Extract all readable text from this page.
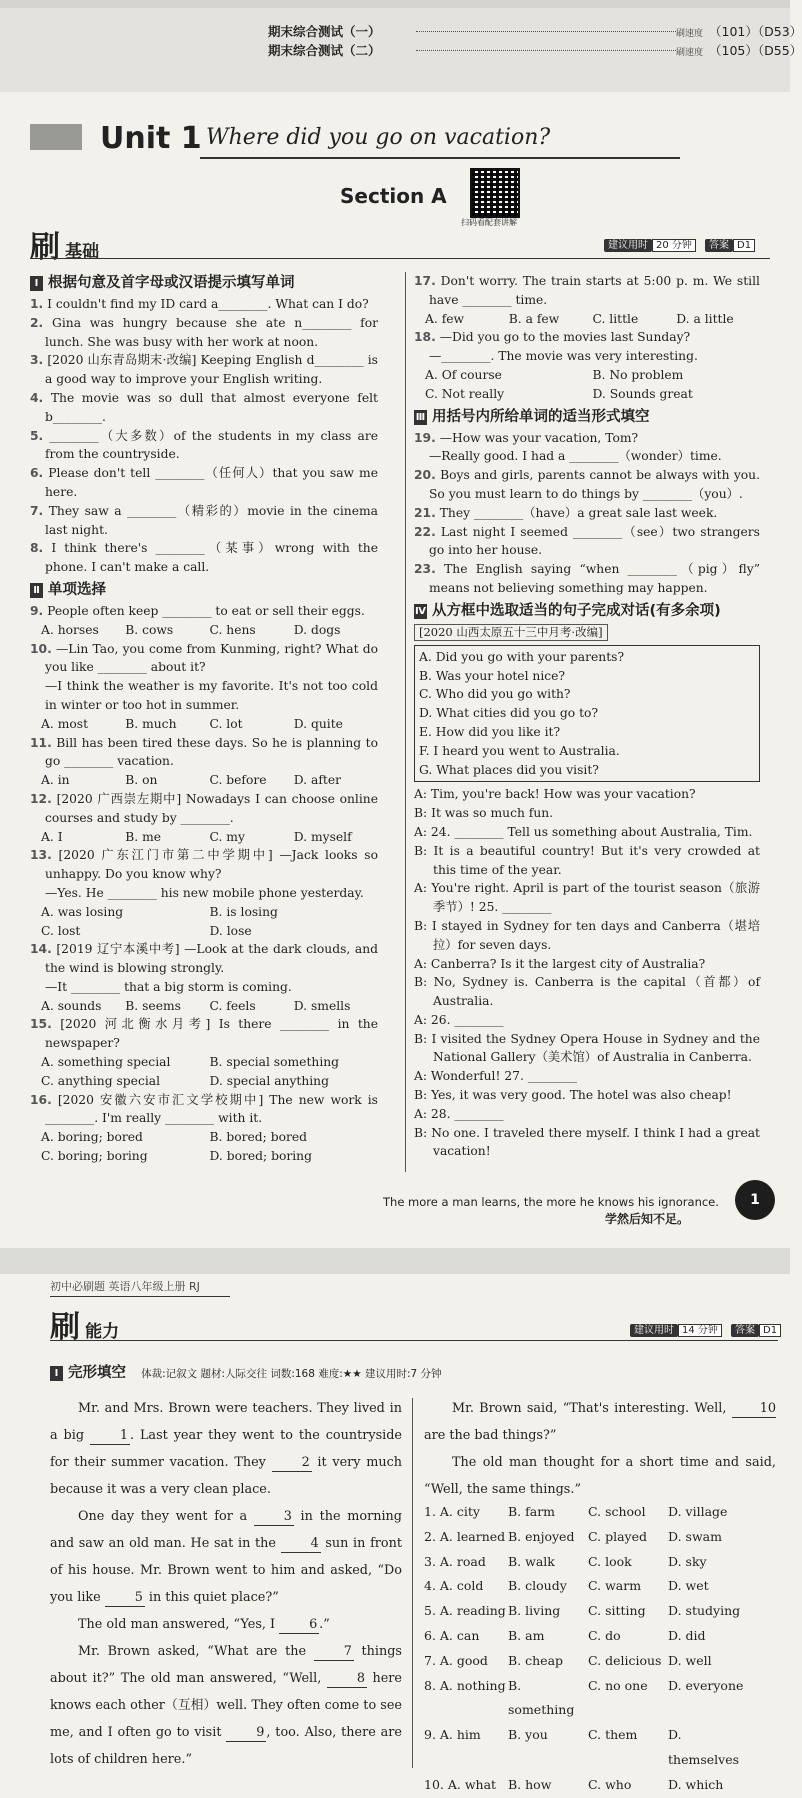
期末综合测试（一）	刷速度 （101）（D53）
期末综合测试（二）	刷速度 （105）（D55）
Unit 1 Where did you go on vacation?
Section A
扫码看配套讲解
刷 基础	建议用时 20 分钟 答案 D1
Ⅰ 根据句意及首字母或汉语提示填写单词

1. I couldn't find my ID card a________. What can I do?

2. Gina was hungry because she ate n________ for lunch. She was busy with her work at noon.

3. [2020 山东青岛期末·改编] Keeping English d________ is a good way to improve your English writing.

4. The movie was so dull that almost everyone felt b________.

5. ________（大多数）of the students in my class are from the countryside.

6. Please don't tell ________（任何人）that you saw me here.

7. They saw a ________（精彩的）movie in the cinema last night.

8. I think there's ________（某事）wrong with the phone. I can't make a call.

Ⅱ 单项选择

9. People often keep ________ to eat or sell their eggs.

A. horses	B. cows	C. hens	D. dogs

10. —Lin Tao, you come from Kunming, right? What do you like ________ about it?

—I think the weather is my favorite. It's not too cold in winter or too hot in summer.

A. most	B. much	C. lot	D. quite

11. Bill has been tired these days. So he is planning to go ________ vacation.

A. in	B. on	C. before	D. after

12. [2020 广西崇左期中] Nowadays I can choose online courses and study by ________.

A. I	B. me	C. my	D. myself

13. [2020 广东江门市第二中学期中] —Jack looks so unhappy. Do you know why?

—Yes. He ________ his new mobile phone yesterday.

A. was losing	B. is losing
C. lost	D. lose

14. [2019 辽宁本溪中考] —Look at the dark clouds, and the wind is blowing strongly.

—It ________ that a big storm is coming.

A. sounds	B. seems	C. feels	D. smells

15. [2020 河北衡水月考] Is there ________ in the newspaper?

A. something special	B. special something
C. anything special	D. special anything

16. [2020 安徽六安市汇文学校期中] The new work is ________. I'm really ________ with it.

A. boring; bored	B. bored; bored
C. boring; boring	D. bored; boring

17. Don't worry. The train starts at 5:00 p. m. We still have ________ time.

A. few	B. a few	C. little	D. a little

18. —Did you go to the movies last Sunday?

—________. The movie was very interesting.

A. Of course	B. No problem
C. Not really	D. Sounds great
Ⅲ 用括号内所给单词的适当形式填空

19. —How was your vacation, Tom?

—Really good. I had a ________（wonder）time.

20. Boys and girls, parents cannot be always with you. So you must learn to do things by ________（you）.

21. They ________（have）a great sale last week.

22. Last night I seemed ________（see）two strangers go into her house.

23. The English saying “when ________（pig）fly” means not believing something may happen.

Ⅳ 从方框中选取适当的句子完成对话(有多余项)
[2020 山西太原五十三中月考·改编]

A. Did you go with your parents?

B. Was your hotel nice?

C. Who did you go with?

D. What cities did you go to?

E. How did you like it?

F. I heard you went to Australia.

G. What places did you visit?

A: Tim, you're back! How was your vacation?

B: It was so much fun.

A: 24. ________ Tell us something about Australia, Tim.

B: It is a beautiful country! But it's very crowded at this time of the year.

A: You're right. April is part of the tourist season（旅游季节）! 25. ________

B: I stayed in Sydney for ten days and Canberra（堪培拉）for seven days.

A: Canberra? Is it the largest city of Australia?

B: No, Sydney is. Canberra is the capital（首都）of Australia.

A: 26. ________

B: I visited the Sydney Opera House in Sydney and the National Gallery（美术馆）of Australia in Canberra.

A: Wonderful! 27. ________

B: Yes, it was very good. The hotel was also cheap!

A: 28. ________

B: No one. I traveled there myself. I think I had a great vacation!

The more a man learns, the more he knows his ignorance.
学然后知不足。
1
初中必刷题 英语八年级上册 RJ
刷 能力	建议用时 14 分钟 答案 D1
Ⅰ 完形填空 体裁:记叙文 题材:人际交往 词数:168 难度:★★ 建议用时:7 分钟

Mr. and Mrs. Brown were teachers. They lived in a big 1 . Last year they went to the countryside for their summer vacation. They 2 it very much because it was a very clean place.

One day they went for a 3 in the morning and saw an old man. He sat in the 4 sun in front of his house. Mr. Brown went to him and asked, “Do you like 5 in this quiet place?”

The old man answered, “Yes, I 6 .”

Mr. Brown asked, “What are the 7 things about it?” The old man answered, “Well, 8 here knows each other（互相）well. They often come to see me, and I often go to visit 9 , too. Also, there are lots of children here.”

Mr. Brown said, “That's interesting. Well, 10 are the bad things?”

The old man thought for a short time and said, “Well, the same things.”

1. A. city	B. farm	C. school	D. village
2. A. learned B. enjoyed	C. played	D. swam
3. A. road	B. walk	C. look	D. sky
4. A. cold	B. cloudy	C. warm	D. wet
5. A. reading B. living	C. sitting	D. studying
6. A. can	B. am	C. do	D. did
7. A. good	B. cheap	C. delicious D. well
8. A. nothing B. something
C. no one	D. everyone
9. A. him	B. you	C. them	D. themselves
10. A. what B. how	C. who	D. which
